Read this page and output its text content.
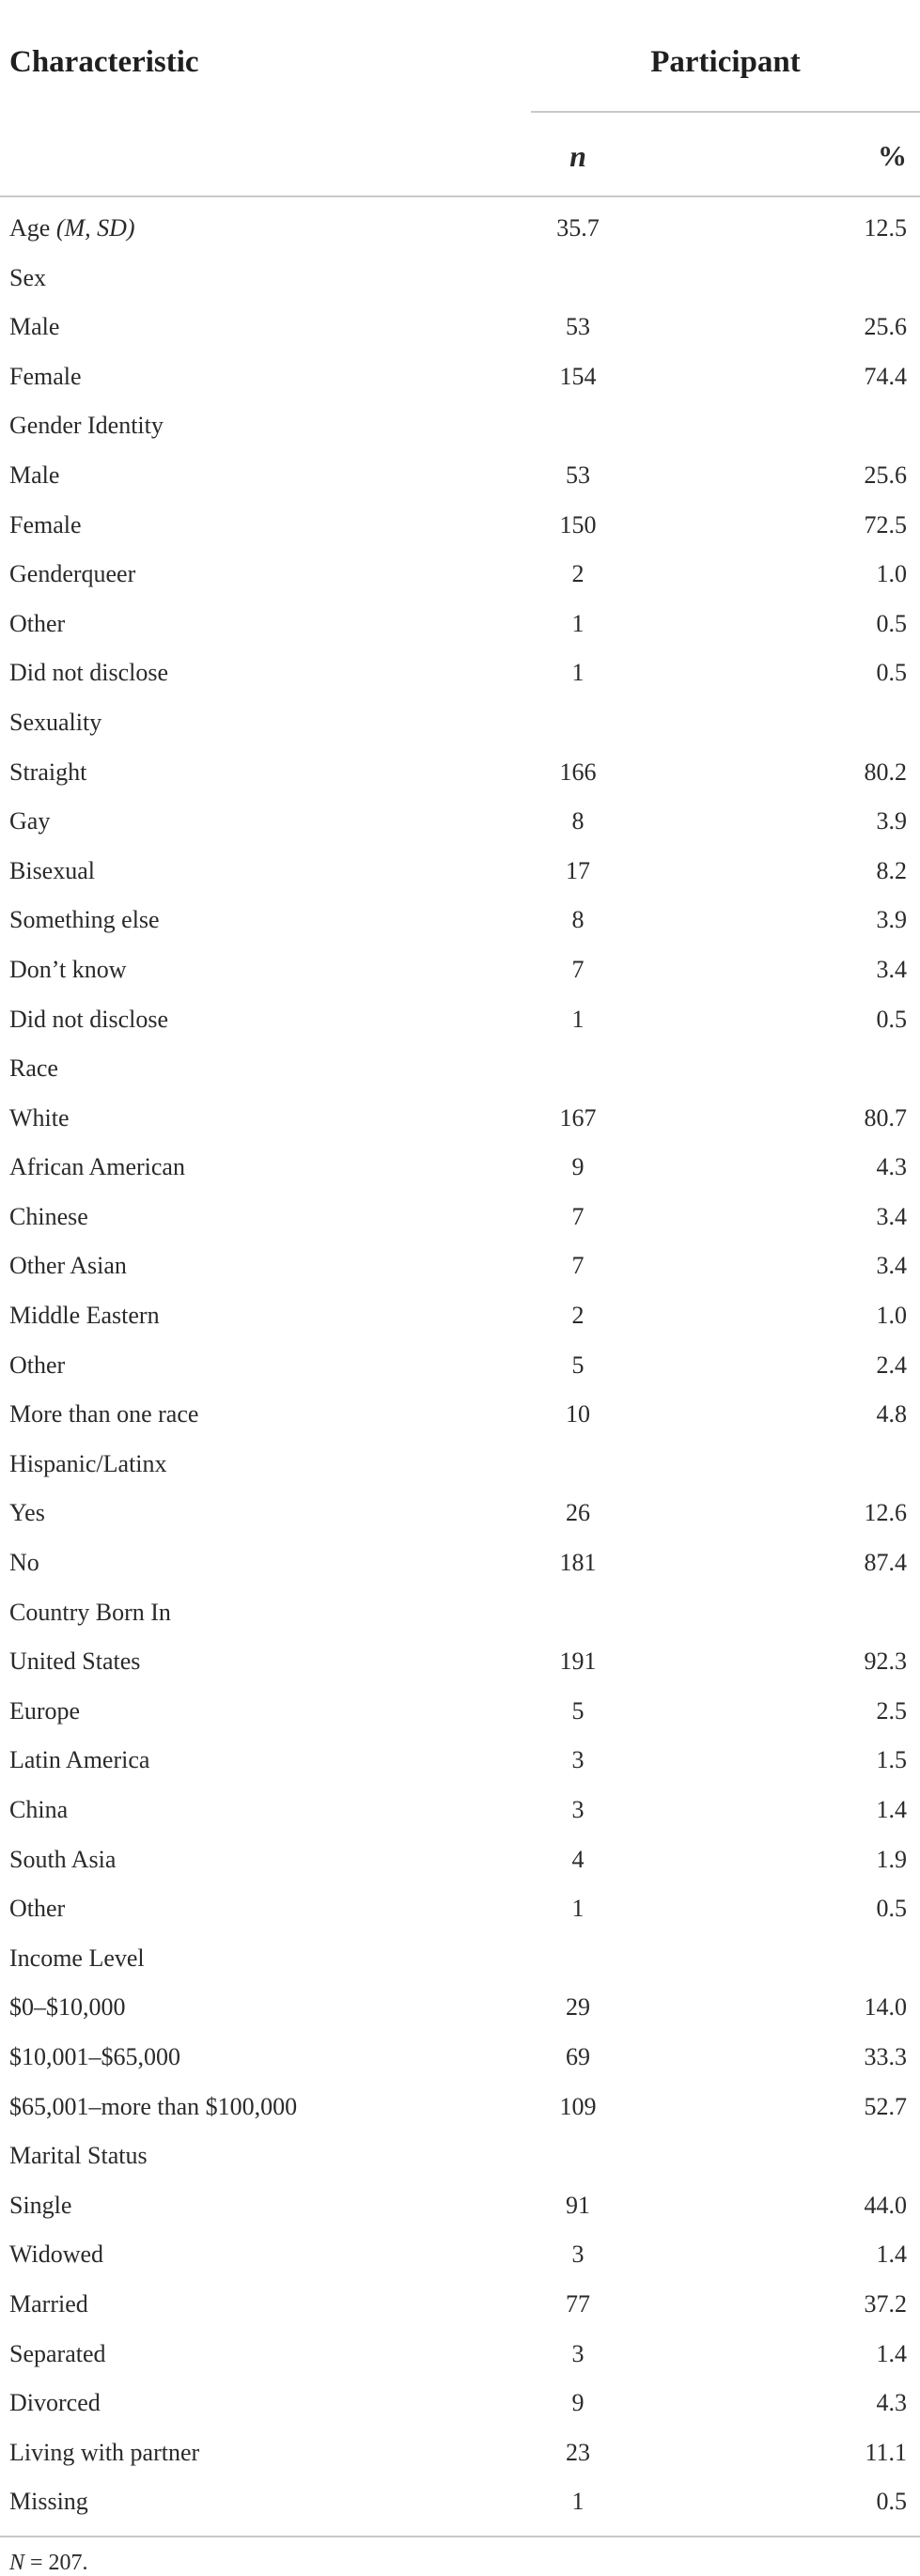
Characteristic	Participant
n	%
Age (M, SD)	35.7	12.5
Sex
Male	53	25.6
Female	154	74.4
Gender Identity
Male	53	25.6
Female	150	72.5
Genderqueer	2	1.0
Other	1	0.5
Did not disclose	1	0.5
Sexuality
Straight	166	80.2
Gay	8	3.9
Bisexual	17	8.2
Something else	8	3.9
Don’t know	7	3.4
Did not disclose	1	0.5
Race
White	167	80.7
African American	9	4.3
Chinese	7	3.4
Other Asian	7	3.4
Middle Eastern	2	1.0
Other	5	2.4
More than one race	10	4.8
Hispanic/Latinx
Yes	26	12.6
No	181	87.4
Country Born In
United States	191	92.3
Europe	5	2.5
Latin America	3	1.5
China	3	1.4
South Asia	4	1.9
Other	1	0.5
Income Level
$0–$10,000	29	14.0
$10,001–$65,000	69	33.3
$65,001–more than $100,000	109	52.7
Marital Status
Single	91	44.0
Widowed	3	1.4
Married	77	37.2
Separated	3	1.4
Divorced	9	4.3
Living with partner	23	11.1
Missing	1	0.5
N = 207.
